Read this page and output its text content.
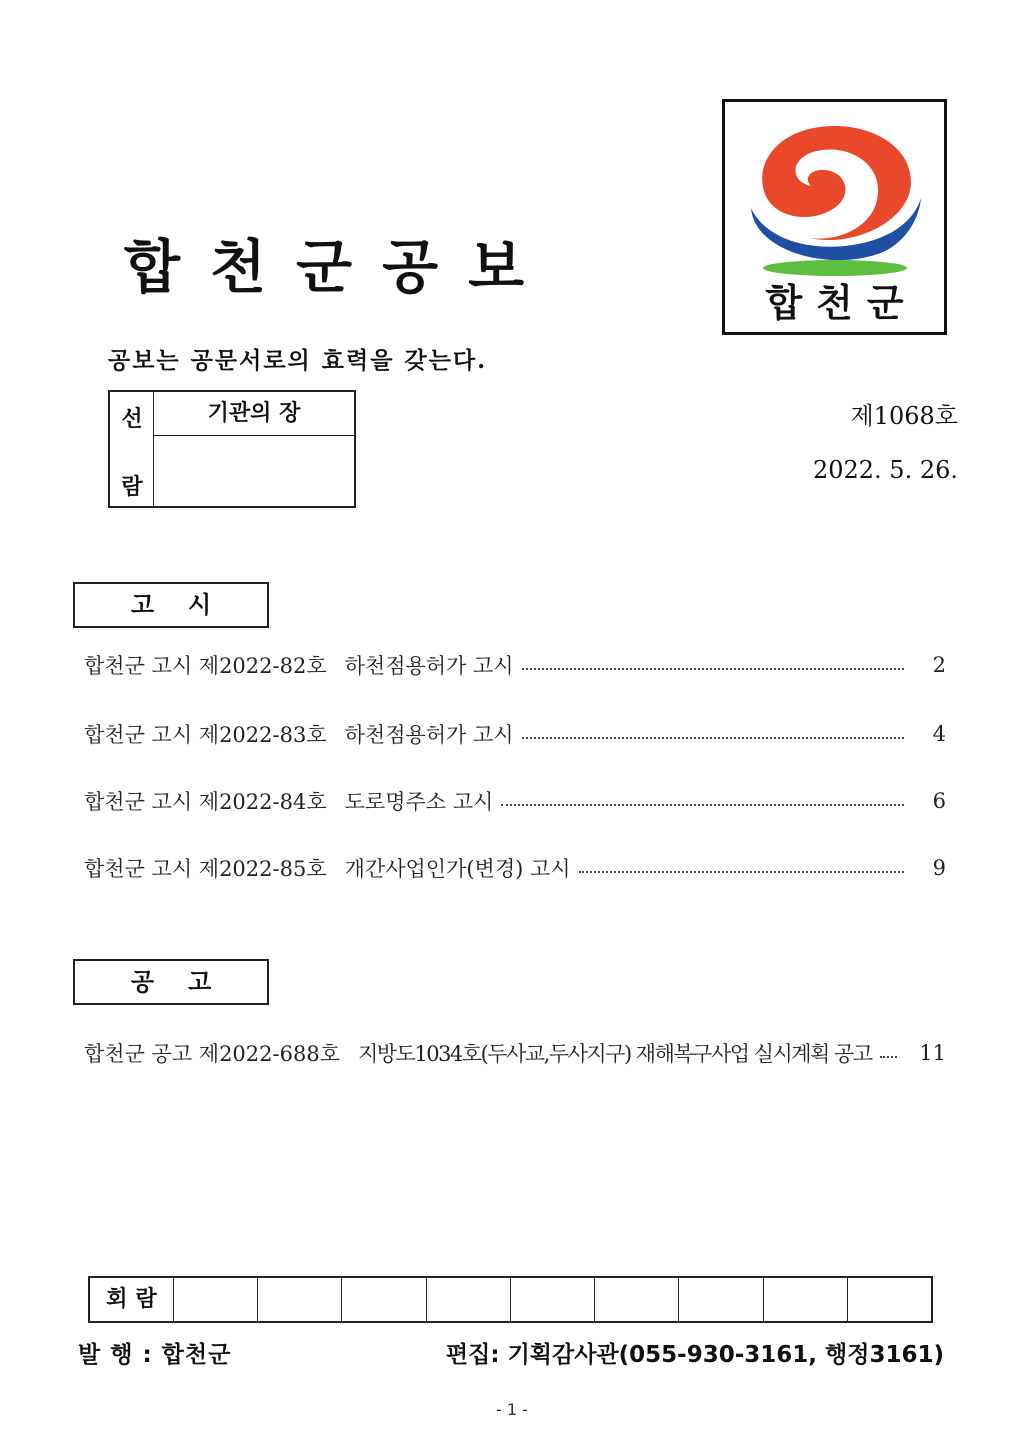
합천군공보
합천군
공보는 공문서로의 효력을 갖는다.
선
람
기관의 장	제1068호
2022. 5. 26.
고시
합천군 고시 제2022-82호 하천점용허가 고시	2
합천군 고시 제2022-83호 하천점용허가 고시	4
합천군 고시 제2022-84호 도로명주소 고시	6
합천군 고시 제2022-85호 개간사업인가(변경) 고시	9
공고
합천군 공고 제2022-688호 지방도1034호(두사교,두사지구) 재해복구사업 실시계획 공고 11
회람
발 행 : 합천군	편집: 기획감사관(055-930-3161, 행정3161)
- 1 -
